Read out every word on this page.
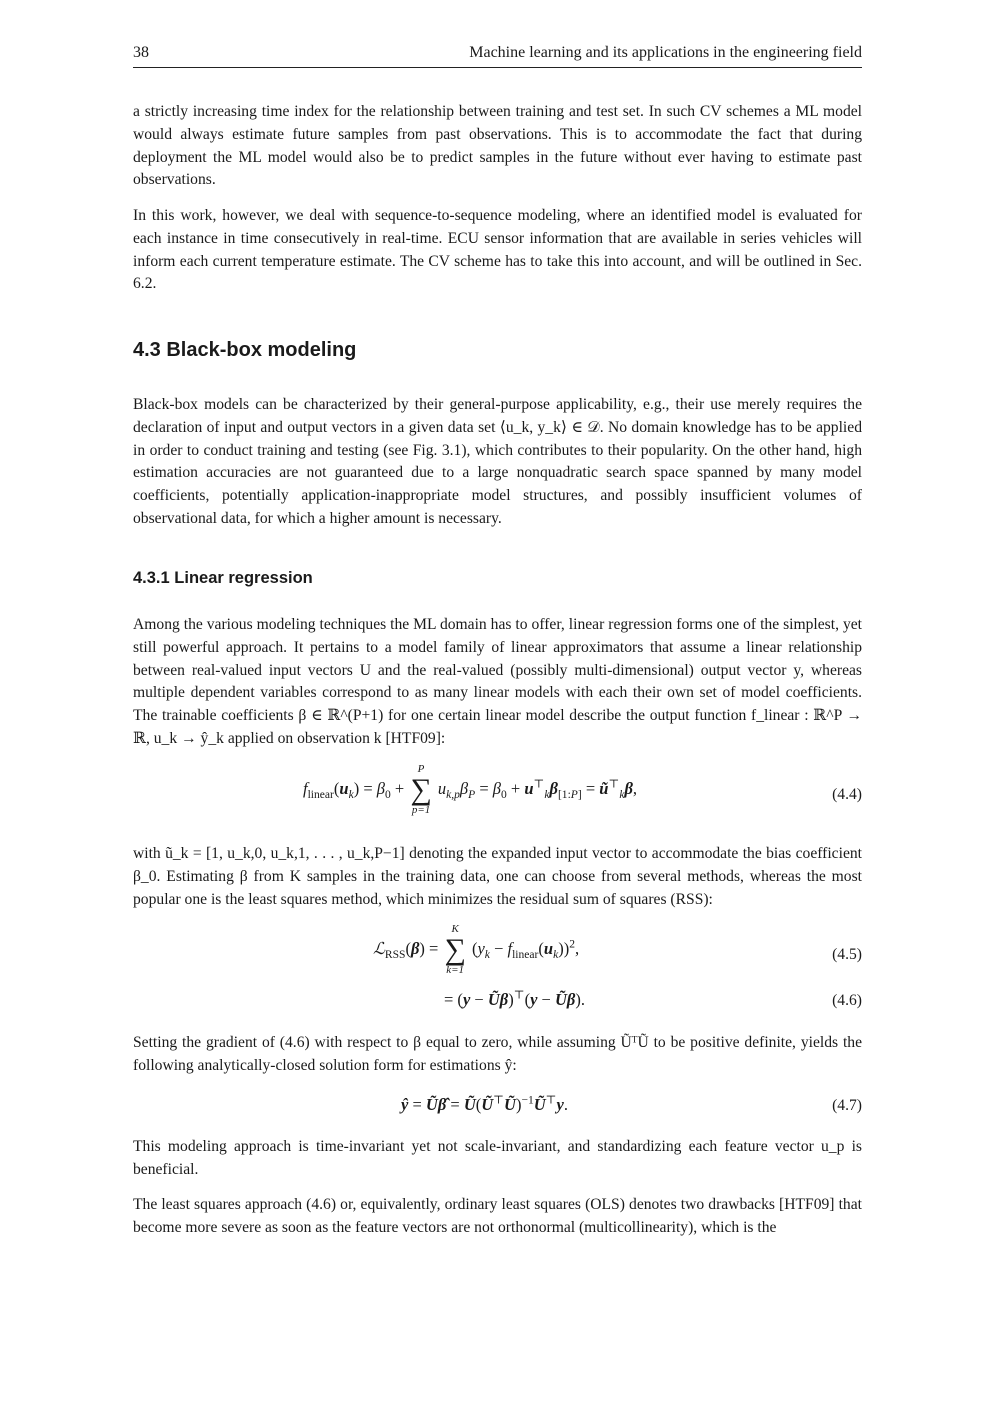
38	Machine learning and its applications in the engineering field

a strictly increasing time index for the relationship between training and test set. In such CV schemes a ML model would always estimate future samples from past observations. This is to accommodate the fact that during deployment the ML model would also be to predict samples in the future without ever having to estimate past observations.

In this work, however, we deal with sequence-to-sequence modeling, where an identified model is evaluated for each instance in time consecutively in real-time. ECU sensor information that are available in series vehicles will inform each current temperature estimate. The CV scheme has to take this into account, and will be outlined in Sec. 6.2.

4.3 Black-box modeling

Black-box models can be characterized by their general-purpose applicability, e.g., their use merely requires the declaration of input and output vectors in a given data set ⟨u_k, y_k⟩ ∈ 𝒟. No domain knowledge has to be applied in order to conduct training and testing (see Fig. 3.1), which contributes to their popularity. On the other hand, high estimation accuracies are not guaranteed due to a large nonquadratic search space spanned by many model coefficients, potentially application-inappropriate model structures, and possibly insufficient volumes of observational data, for which a higher amount is necessary.

4.3.1 Linear regression

Among the various modeling techniques the ML domain has to offer, linear regression forms one of the simplest, yet still powerful approach. It pertains to a model family of linear approximators that assume a linear relationship between real-valued input vectors U and the real-valued (possibly multi-dimensional) output vector y, whereas multiple dependent variables correspond to as many linear models with each their own set of model coefficients. The trainable coefficients β ∈ ℝ^(P+1) for one certain linear model describe the output function f_linear : ℝ^P → ℝ, u_k → ŷ_k applied on observation k [HTF09]:

$f_{linear}(u_k) = \beta_0$ +
P
∑
p=1
$u_{k,p}\beta_P = \beta_0 + u^⊤_k\beta_{[1:P]}$ = $ũ^⊤_k\beta$,	(4.4)

with ũ_k = [1, u_k,0, u_k,1, . . . , u_k,P−1] denoting the expanded input vector to accommodate the bias coefficient β_0. Estimating β from K samples in the training data, one can choose from several methods, whereas the most popular one is the least squares method, which minimizes the residual sum of squares (RSS):

ℒ$_{RSS}$(β) =
K
∑
k=1
$(y_k - f_{linear}(u_k))^2$,	(4.5)
= (y − Ũβ)⊤(y − Ũβ).	(4.6)

Setting the gradient of (4.6) with respect to β equal to zero, while assuming ŨᵀŨ to be positive definite, yields the following analytically-closed solution form for estimations ŷ:

ŷ = Ũβ̂ = Ũ(Ũ⊤Ũ)$^{-1}$Ũ⊤y.	(4.7)

This modeling approach is time-invariant yet not scale-invariant, and standardizing each feature vector u_p is beneficial.

The least squares approach (4.6) or, equivalently, ordinary least squares (OLS) denotes two drawbacks [HTF09] that become more severe as soon as the feature vectors are not orthonormal (multicollinearity), which is the
